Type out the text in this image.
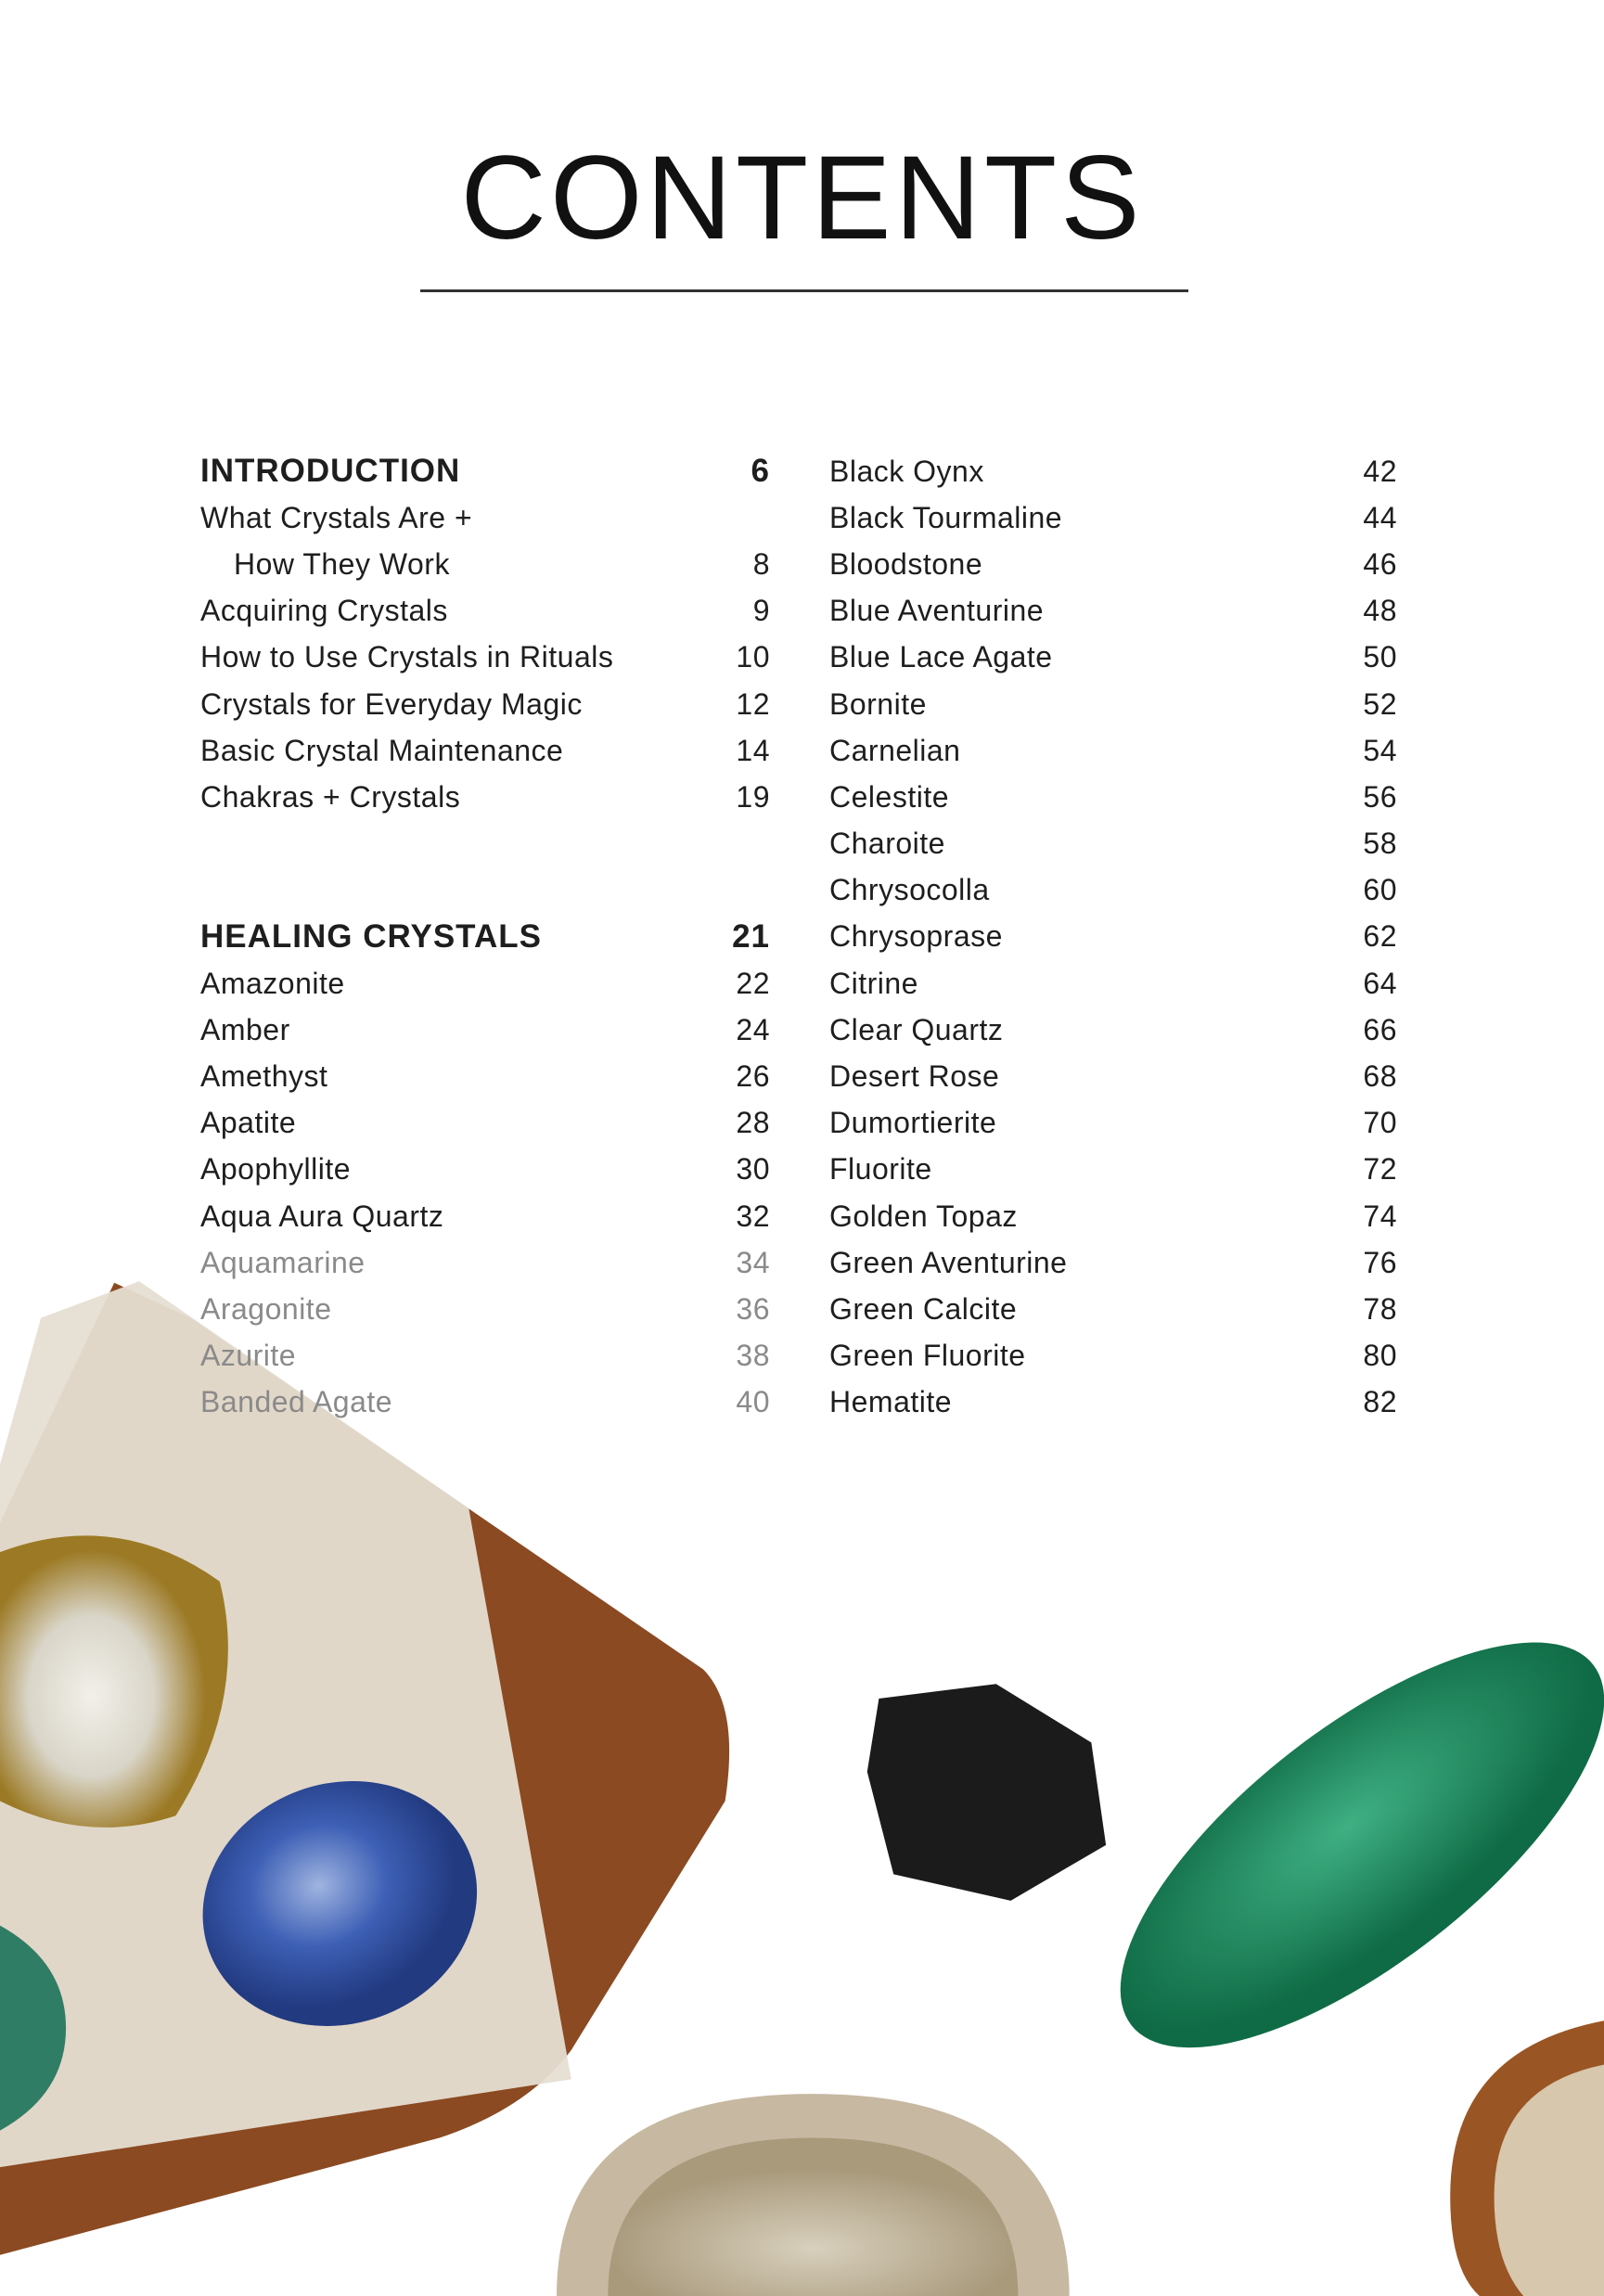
CONTENTS
INTRODUCTION	6
What Crystals Are +
How They Work	8
Acquiring Crystals	9
How to Use Crystals in Rituals	10
Crystals for Everyday Magic	12
Basic Crystal Maintenance	14
Chakras + Crystals	19
HEALING CRYSTALS	21
Amazonite	22
Amber	24
Amethyst	26
Apatite	28
Apophyllite	30
Aqua Aura Quartz	32
Aquamarine	34
Aragonite	36
Azurite	38
Banded Agate	40
Black Oynx	42
Black Tourmaline	44
Bloodstone	46
Blue Aventurine	48
Blue Lace Agate	50
Bornite	52
Carnelian	54
Celestite	56
Charoite	58
Chrysocolla	60
Chrysoprase	62
Citrine	64
Clear Quartz	66
Desert Rose	68
Dumortierite	70
Fluorite	72
Golden Topaz	74
Green Aventurine	76
Green Calcite	78
Green Fluorite	80
Hematite	82
